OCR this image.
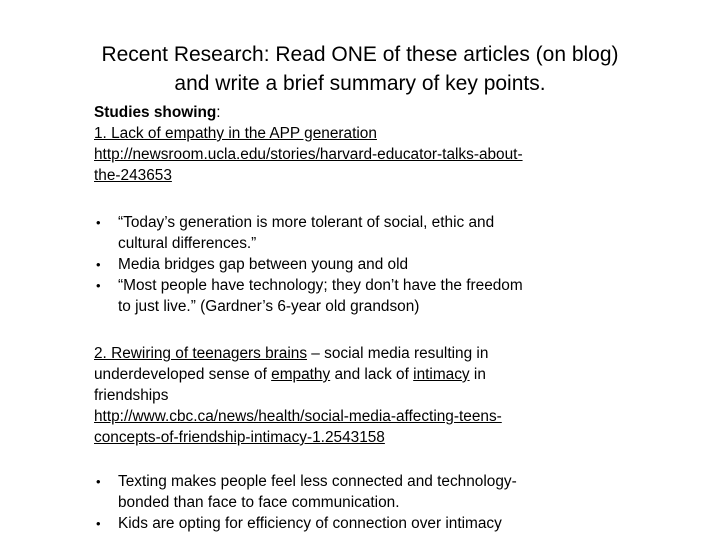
Recent Research: Read ONE of these articles (on blog)
and write a brief summary of key points.
Studies showing:
1. Lack of empathy in the APP generation
http://newsroom.ucla.edu/stories/harvard-educator-talks-about-
the-243653
• “Today’s generation is more tolerant of social, ethic and
cultural differences.”
• Media bridges gap between young and old
• “Most people have technology; they don’t have the freedom
to just live.” (Gardner’s 6-year old grandson)
2. Rewiring of teenagers brains – social media resulting in
underdeveloped sense of empathy and lack of intimacy in
friendships
http://www.cbc.ca/news/health/social-media-affecting-teens-
concepts-of-friendship-intimacy-1.2543158
• Texting makes people feel less connected and technology-
bonded than face to face communication.
• Kids are opting for efficiency of connection over intimacy
